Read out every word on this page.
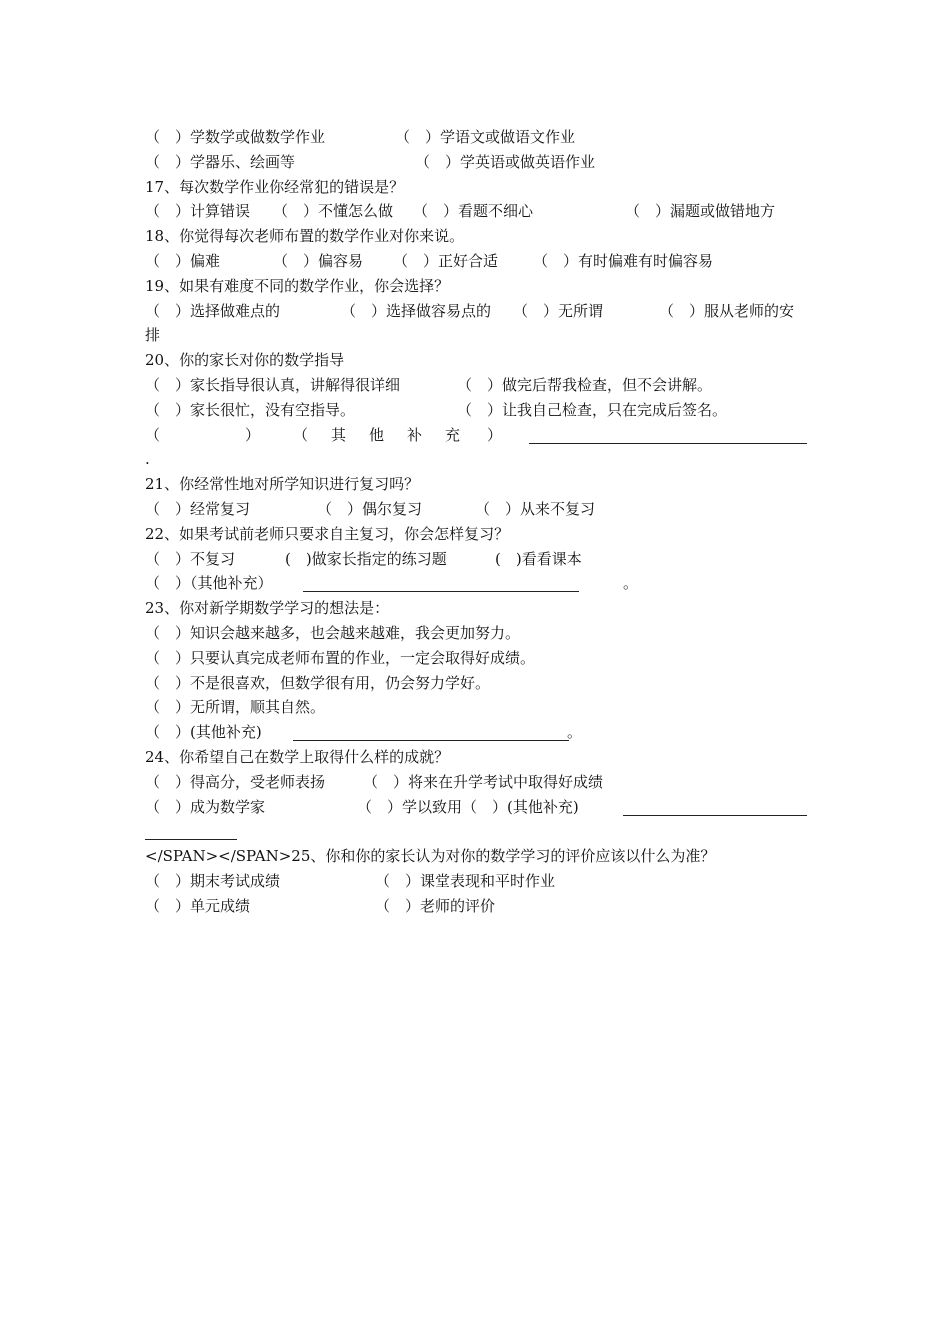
（　）学数学或做数学作业	（　）学语文或做语文作业
（　）学器乐、绘画等	（　）学英语或做英语作业
17、每次数学作业你经常犯的错误是？
（　）计算错误 （　）不懂怎么做 （　）看题不细心	（　）漏题或做错地方
18、你觉得每次老师布置的数学作业对你来说。
（　）偏难	（　）偏容易 （　）正好合适 （　）有时偏难有时偏容易
19、如果有难度不同的数学作业，你会选择？
（　）选择做难点的	（　）选择做容易点的 （　）无所谓	（　）服从老师的安
排
20、你的家长对你的数学指导
（　）家长指导很认真，讲解得很详细	（　）做完后帮我检查，但不会讲解。
（　）家长很忙，没有空指导。	（　）让我自己检查，只在完成后签名。
（	） （ 其 他 补 充 ）
.
21、你经常性地对所学知识进行复习吗？
（　）经常复习	（　）偶尔复习	（　）从来不复习
22、如果考试前老师只要求自主复习，你会怎样复习？
（　）不复习	(　)做家长指定的练习题	(　)看看课本
（　）（其他补充）	。
23、你对新学期数学学习的想法是：
（　）知识会越来越多，也会越来越难，我会更加努力。
（　）只要认真完成老师布置的作业，一定会取得好成绩。
（　）不是很喜欢，但数学很有用，仍会努力学好。
（　）无所谓，顺其自然。
（　）(其他补充)	。
24、你希望自己在数学上取得什么样的成就？
（　）得高分，受老师表扬	（　）将来在升学考试中取得好成绩
（　）成为数学家	（　）学以致用（　）(其他补充)
</SPAN></SPAN>25、你和你的家长认为对你的数学学习的评价应该以什么为准？
（　）期末考试成绩	（　）课堂表现和平时作业
（　）单元成绩	（　）老师的评价
